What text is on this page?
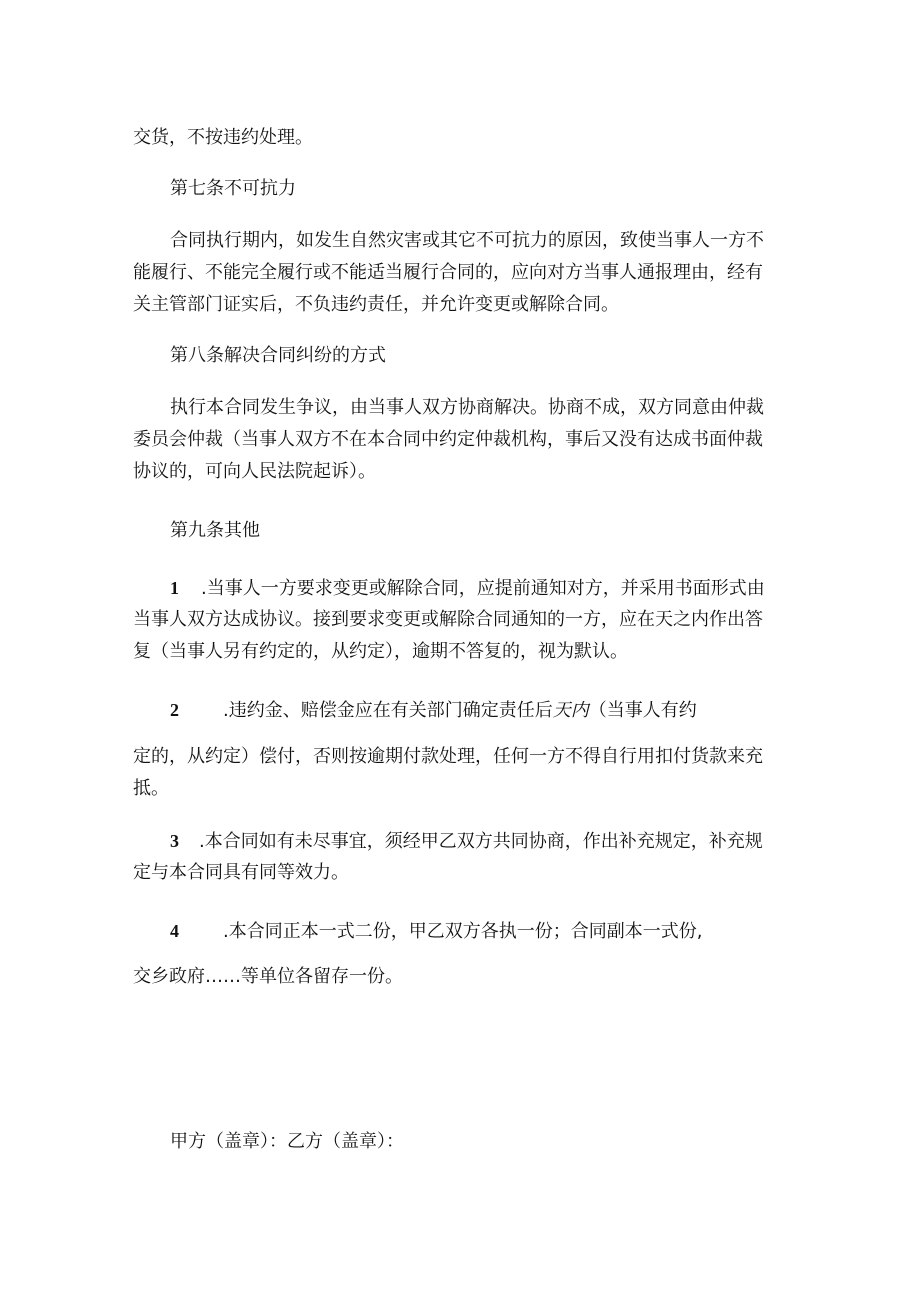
交货，不按违约处理。
第七条不可抗力
合同执行期内，如发生自然灾害或其它不可抗力的原因，致使当事人一方不
能履行、不能完全履行或不能适当履行合同的，应向对方当事人通报理由，经有
关主管部门证实后，不负违约责任，并允许变更或解除合同。
第八条解决合同纠纷的方式
执行本合同发生争议，由当事人双方协商解决。协商不成，双方同意由仲裁
委员会仲裁（当事人双方不在本合同中约定仲裁机构，事后又没有达成书面仲裁
协议的，可向人民法院起诉）。
第九条其他
1 .当事人一方要求变更或解除合同，应提前通知对方，并采用书面形式由
当事人双方达成协议。接到要求变更或解除合同通知的一方，应在天之内作出答
复（当事人另有约定的，从约定），逾期不答复的，视为默认。
2 .违约金、赔偿金应在有关部门确定责任后天内（当事人有约
定的，从约定）偿付，否则按逾期付款处理，任何一方不得自行用扣付货款来充
抵。
3 .本合同如有未尽事宜，须经甲乙双方共同协商，作出补充规定，补充规
定与本合同具有同等效力。
4 .本合同正本一式二份，甲乙双方各执一份；合同副本一式份,
交乡政府……等单位各留存一份。
甲方（盖章）：乙方（盖章）：
